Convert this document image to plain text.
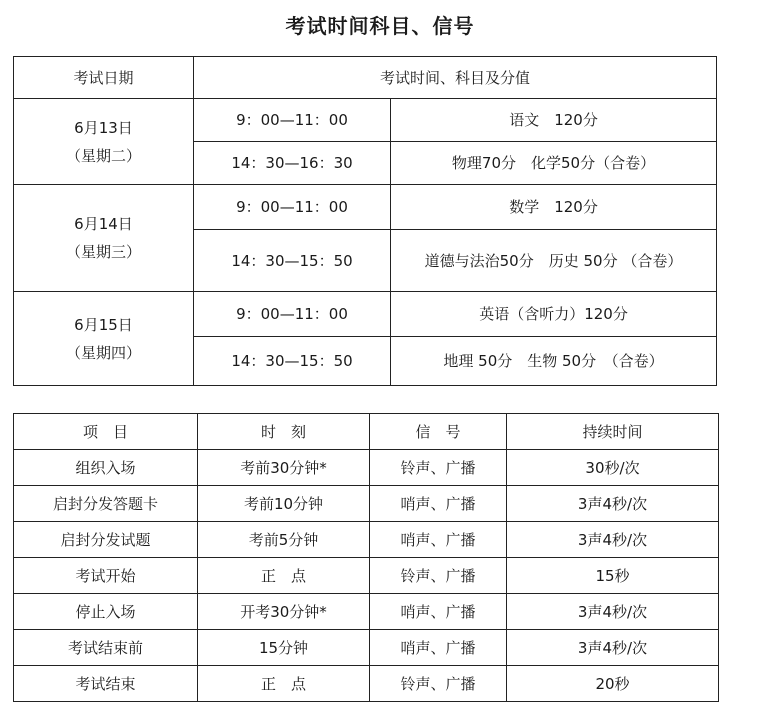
考试时间科目、信号
考试日期	考试时间、科目及分值	

6月13日
（星期二）	9：00—11：00	语文　120分
	14：30—16：30	物理70分　化学50分（合卷）

6月14日
（星期三）	9：00—11：00	数学　120分
	14：30—15：50	道德与法治50分　历史 50分 （合卷）

6月15日
（星期四）	9：00—11：00	英语（含听力）120分
	14：30—15：50	地理 50分　生物 50分　（合卷）
项　目	时　刻	信　号	持续时间
组织入场	考前30分钟*	铃声、广播	30秒/次
启封分发答题卡	考前10分钟	哨声、广播	3声4秒/次
启封分发试题	考前5分钟	哨声、广播	3声4秒/次
考试开始	正　点	铃声、广播	15秒
停止入场	开考30分钟*	哨声、广播	3声4秒/次
考试结束前	15分钟	哨声、广播	3声4秒/次
考试结束	正　点	铃声、广播	20秒
